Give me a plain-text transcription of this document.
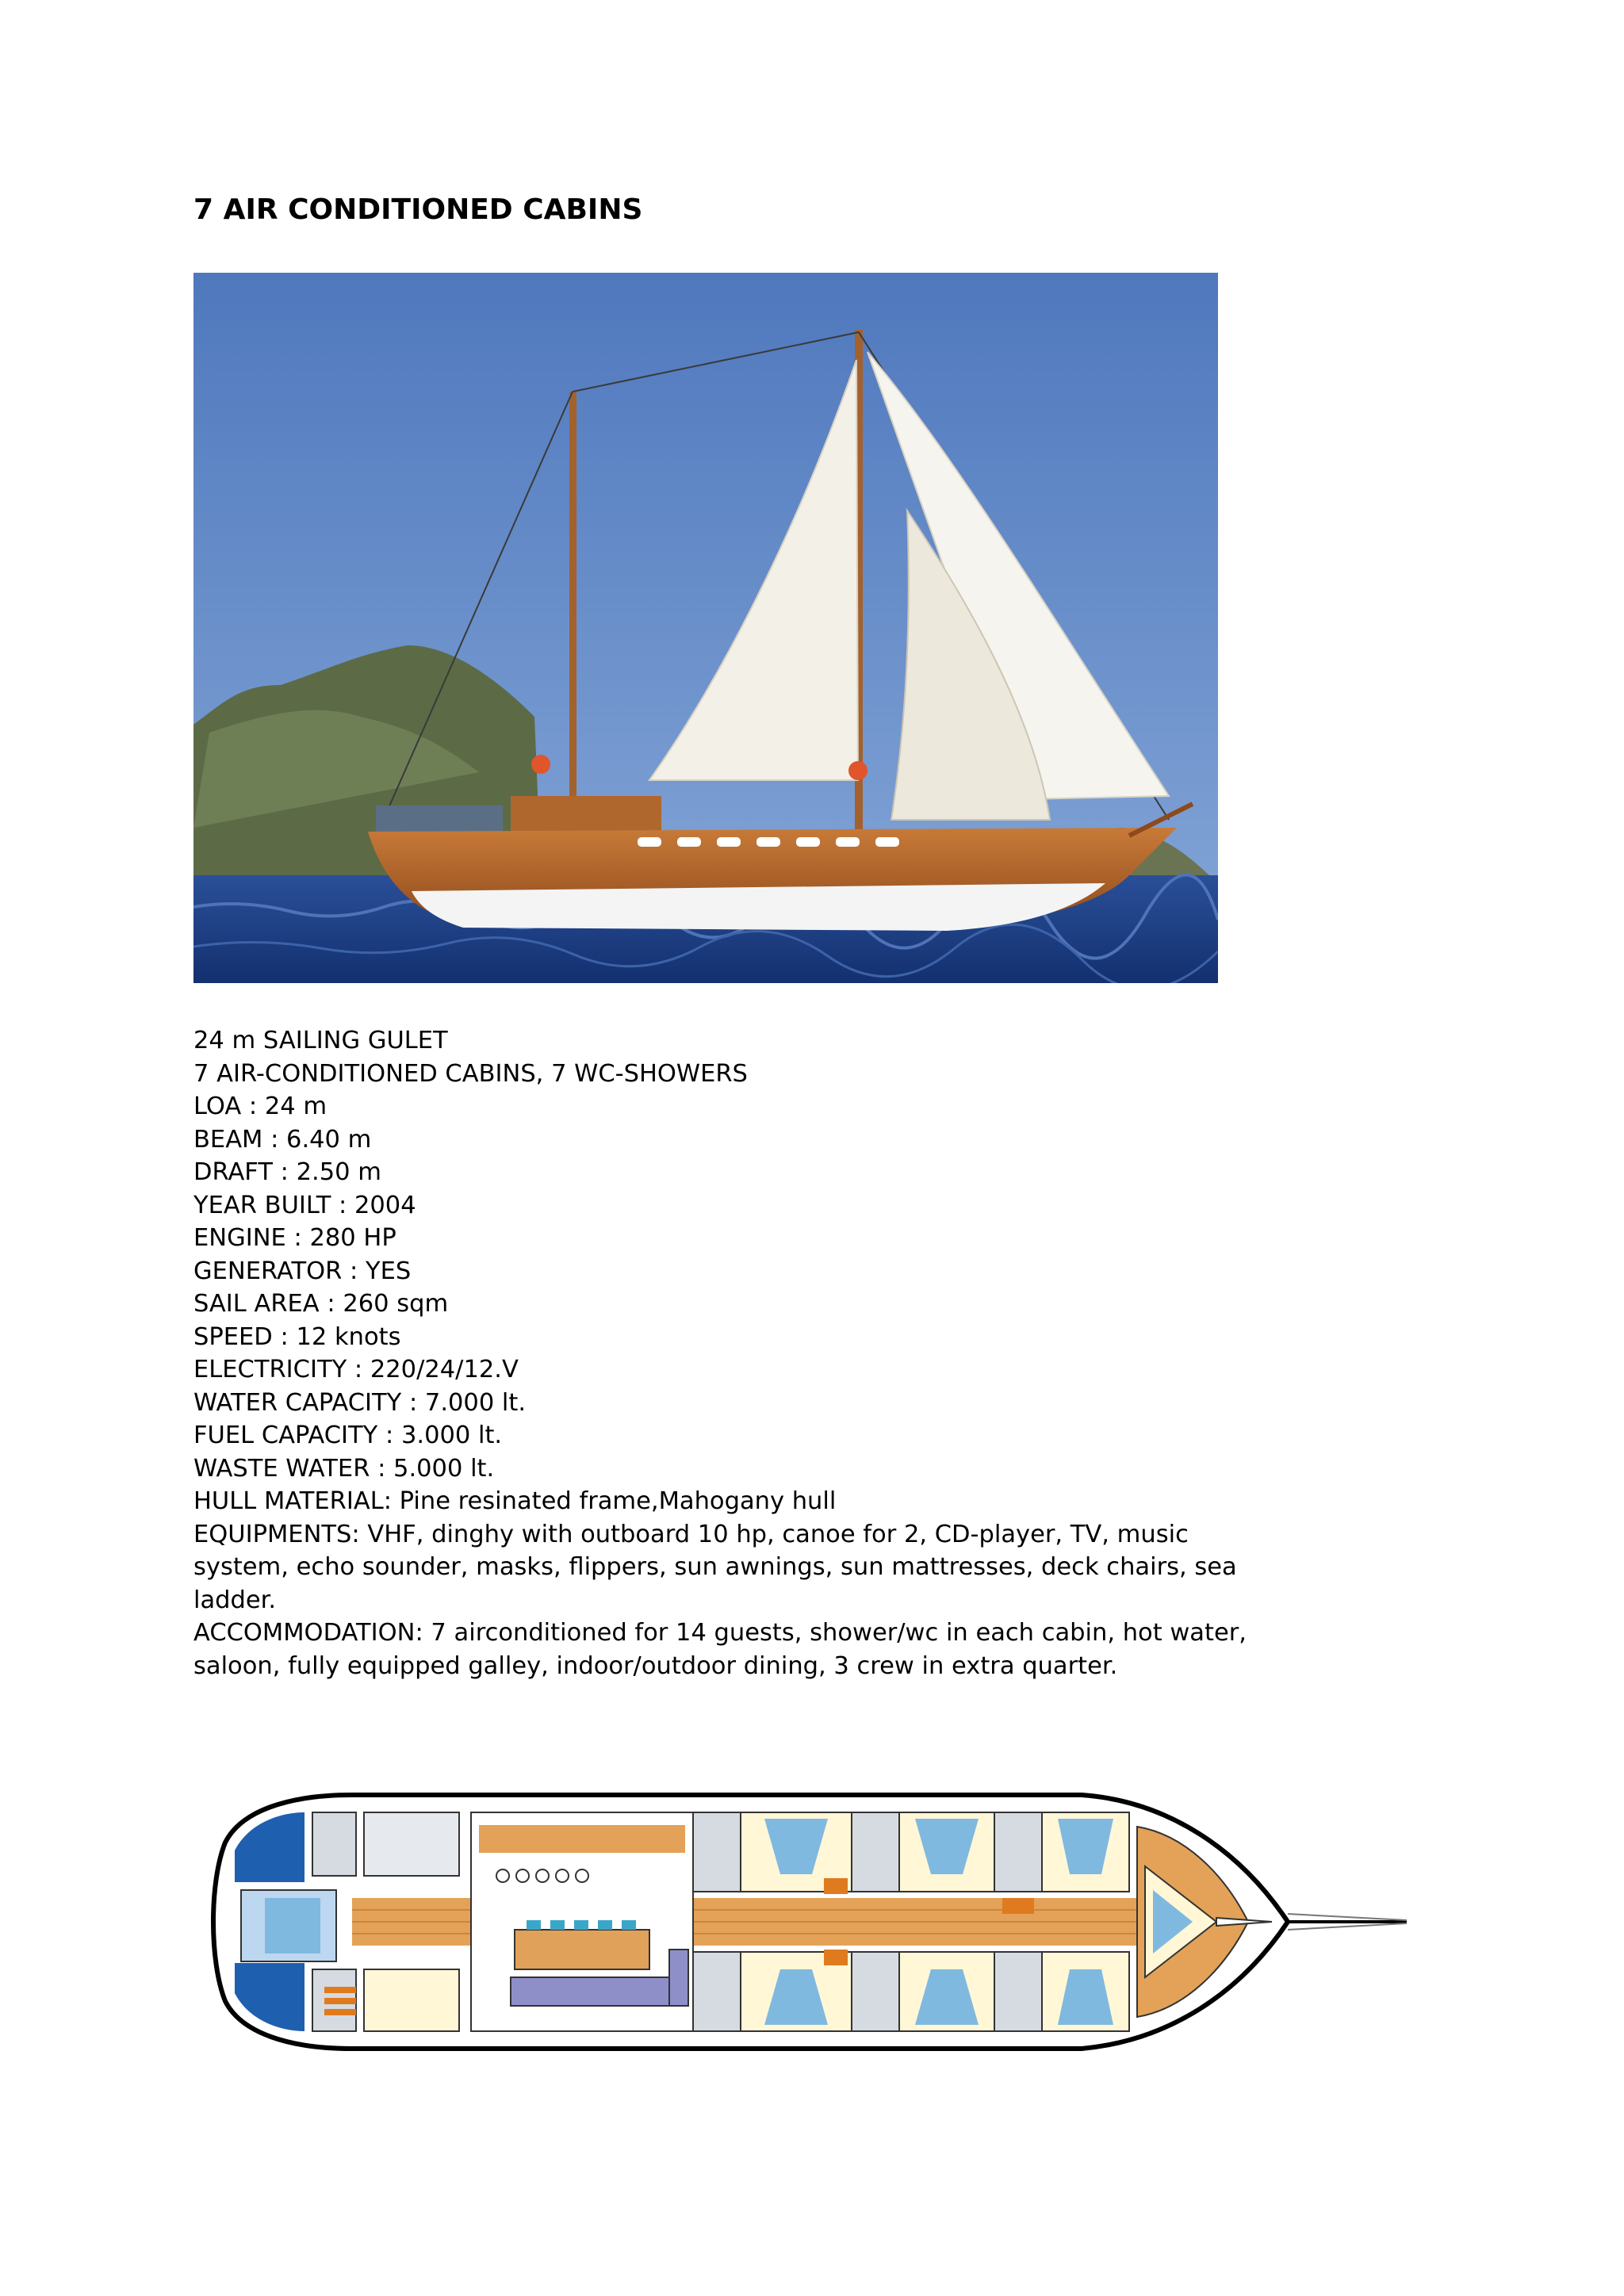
7 AIR CONDITIONED CABINS
24 m SAILING GULET
7 AIR-CONDITIONED CABINS, 7 WC-SHOWERS
LOA : 24 m
BEAM : 6.40 m
DRAFT : 2.50 m
YEAR BUILT : 2004
ENGINE : 280 HP
GENERATOR : YES
SAIL AREA : 260 sqm
SPEED : 12 knots
ELECTRICITY : 220/24/12.V
WATER CAPACITY : 7.000 lt.
FUEL CAPACITY : 3.000 lt.
WASTE WATER : 5.000 lt.
HULL MATERIAL: Pine resinated frame,Mahogany hull
EQUIPMENTS: VHF, dinghy with outboard 10 hp, canoe for 2, CD-player, TV, music system, echo sounder, masks, flippers, sun awnings, sun mattresses, deck chairs, sea ladder.
ACCOMMODATION: 7 airconditioned for 14 guests, shower/wc in each cabin, hot water, saloon, fully equipped galley, indoor/outdoor dining, 3 crew in extra quarter.
